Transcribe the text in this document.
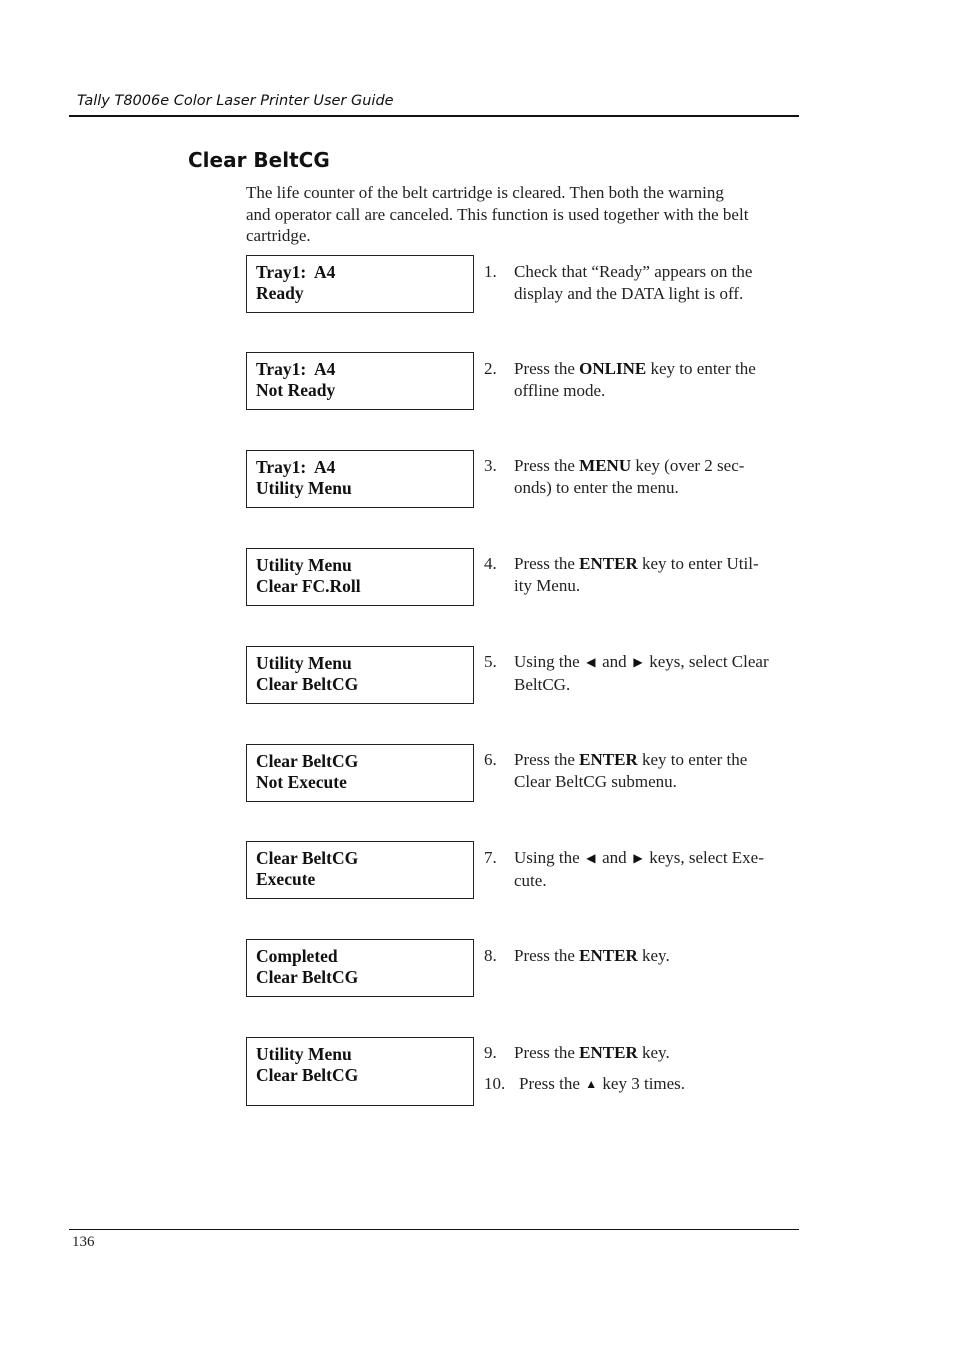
Tally T8006e Color Laser Printer User Guide
Clear BeltCG

The life counter of the belt cartridge is cleared. Then both the warning
and operator call are canceled. This function is used together with the belt
cartridge.

Tray1:  A4
Ready
Tray1:  A4
Not Ready
Tray1:  A4
Utility Menu
Utility Menu
Clear FC.Roll
Utility Menu
Clear BeltCG
Clear BeltCG
Not Execute
Clear BeltCG
Execute
Completed
Clear BeltCG
Utility Menu
Clear BeltCG
1. Check that “Ready” appears on the
display and the DATA light is off.
2. Press the ONLINE key to enter the
offline mode.
3. Press the MENU key (over 2 sec-
onds) to enter the menu.
4. Press the ENTER key to enter Util-
ity Menu.
5. Using the ◀ and ▶ keys, select Clear
BeltCG.
6. Press the ENTER key to enter the
Clear BeltCG submenu.
7. Using the ◀ and ▶ keys, select Exe-
cute.
8. Press the ENTER key.
9. Press the ENTER key.
10. Press the ▲ key 3 times.
136
